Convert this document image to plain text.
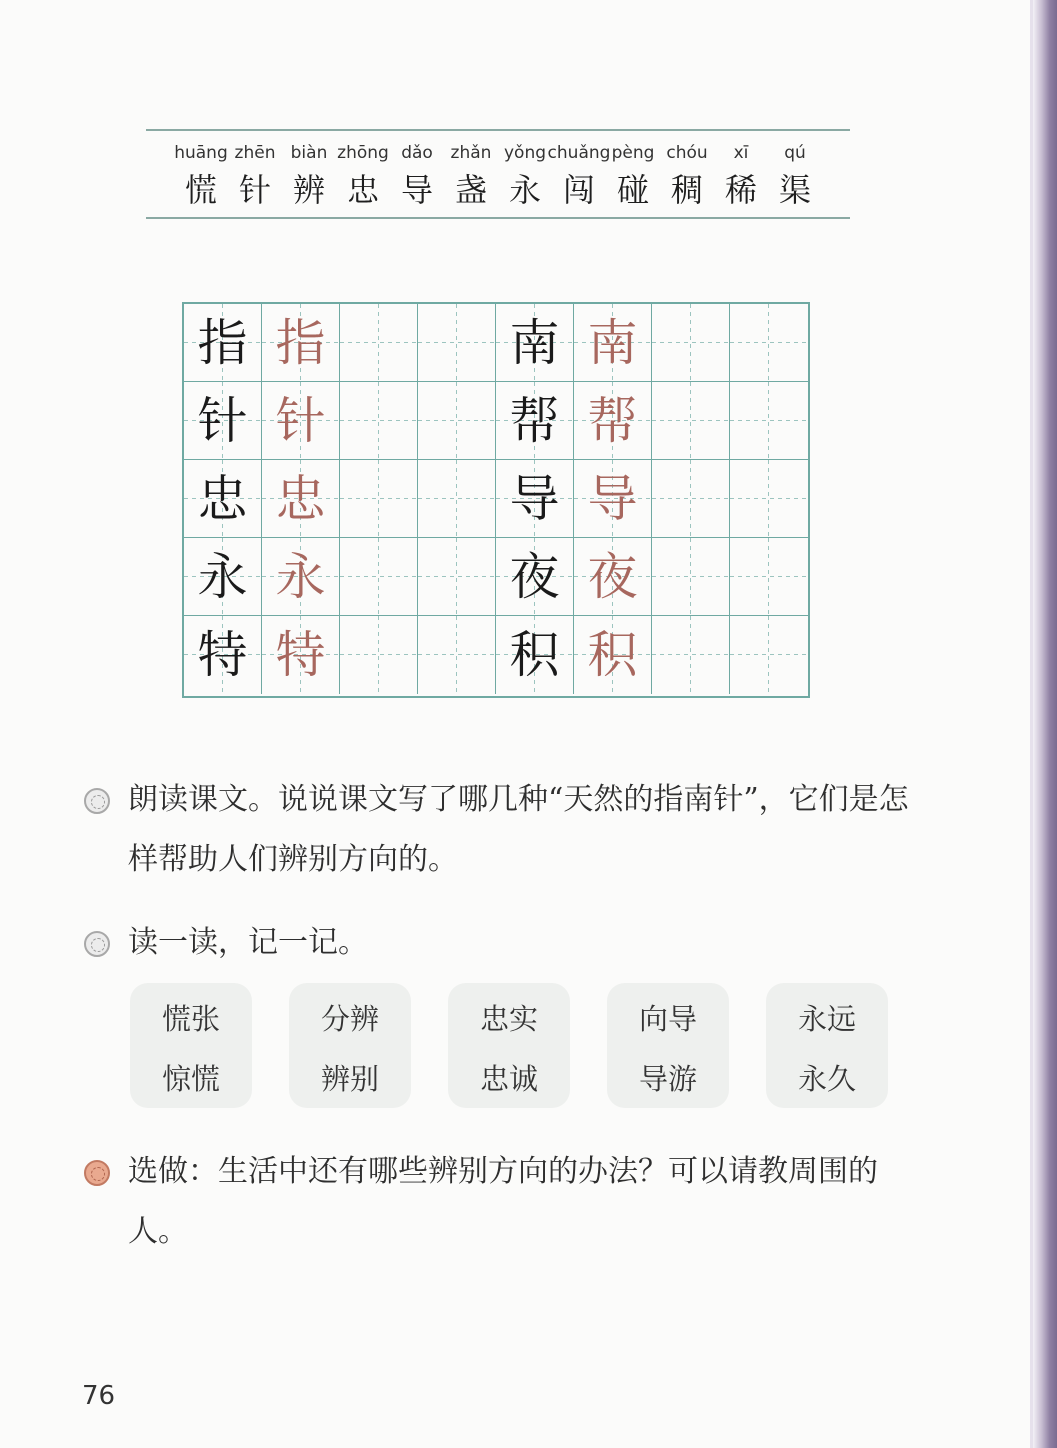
huāng
慌
zhēn
针
biàn
辨
zhōng
忠
dǎo
导
zhǎn
盏
yǒng
永
chuǎng
闯
pèng
碰
chóu
稠
xī
稀
qú
渠
指 指	南 南
针 针	帮 帮
忠 忠	导 导
永 永	夜 夜
特 特	积 积
朗读课文。说说课文写了哪几种“天然的指南针”，它们是怎样帮助人们辨别方向的。
读一读，记一记。
慌张
惊慌
分辨
辨别
忠实
忠诚
向导
导游
永远
永久
选做：生活中还有哪些辨别方向的办法？可以请教周围的人。
76
